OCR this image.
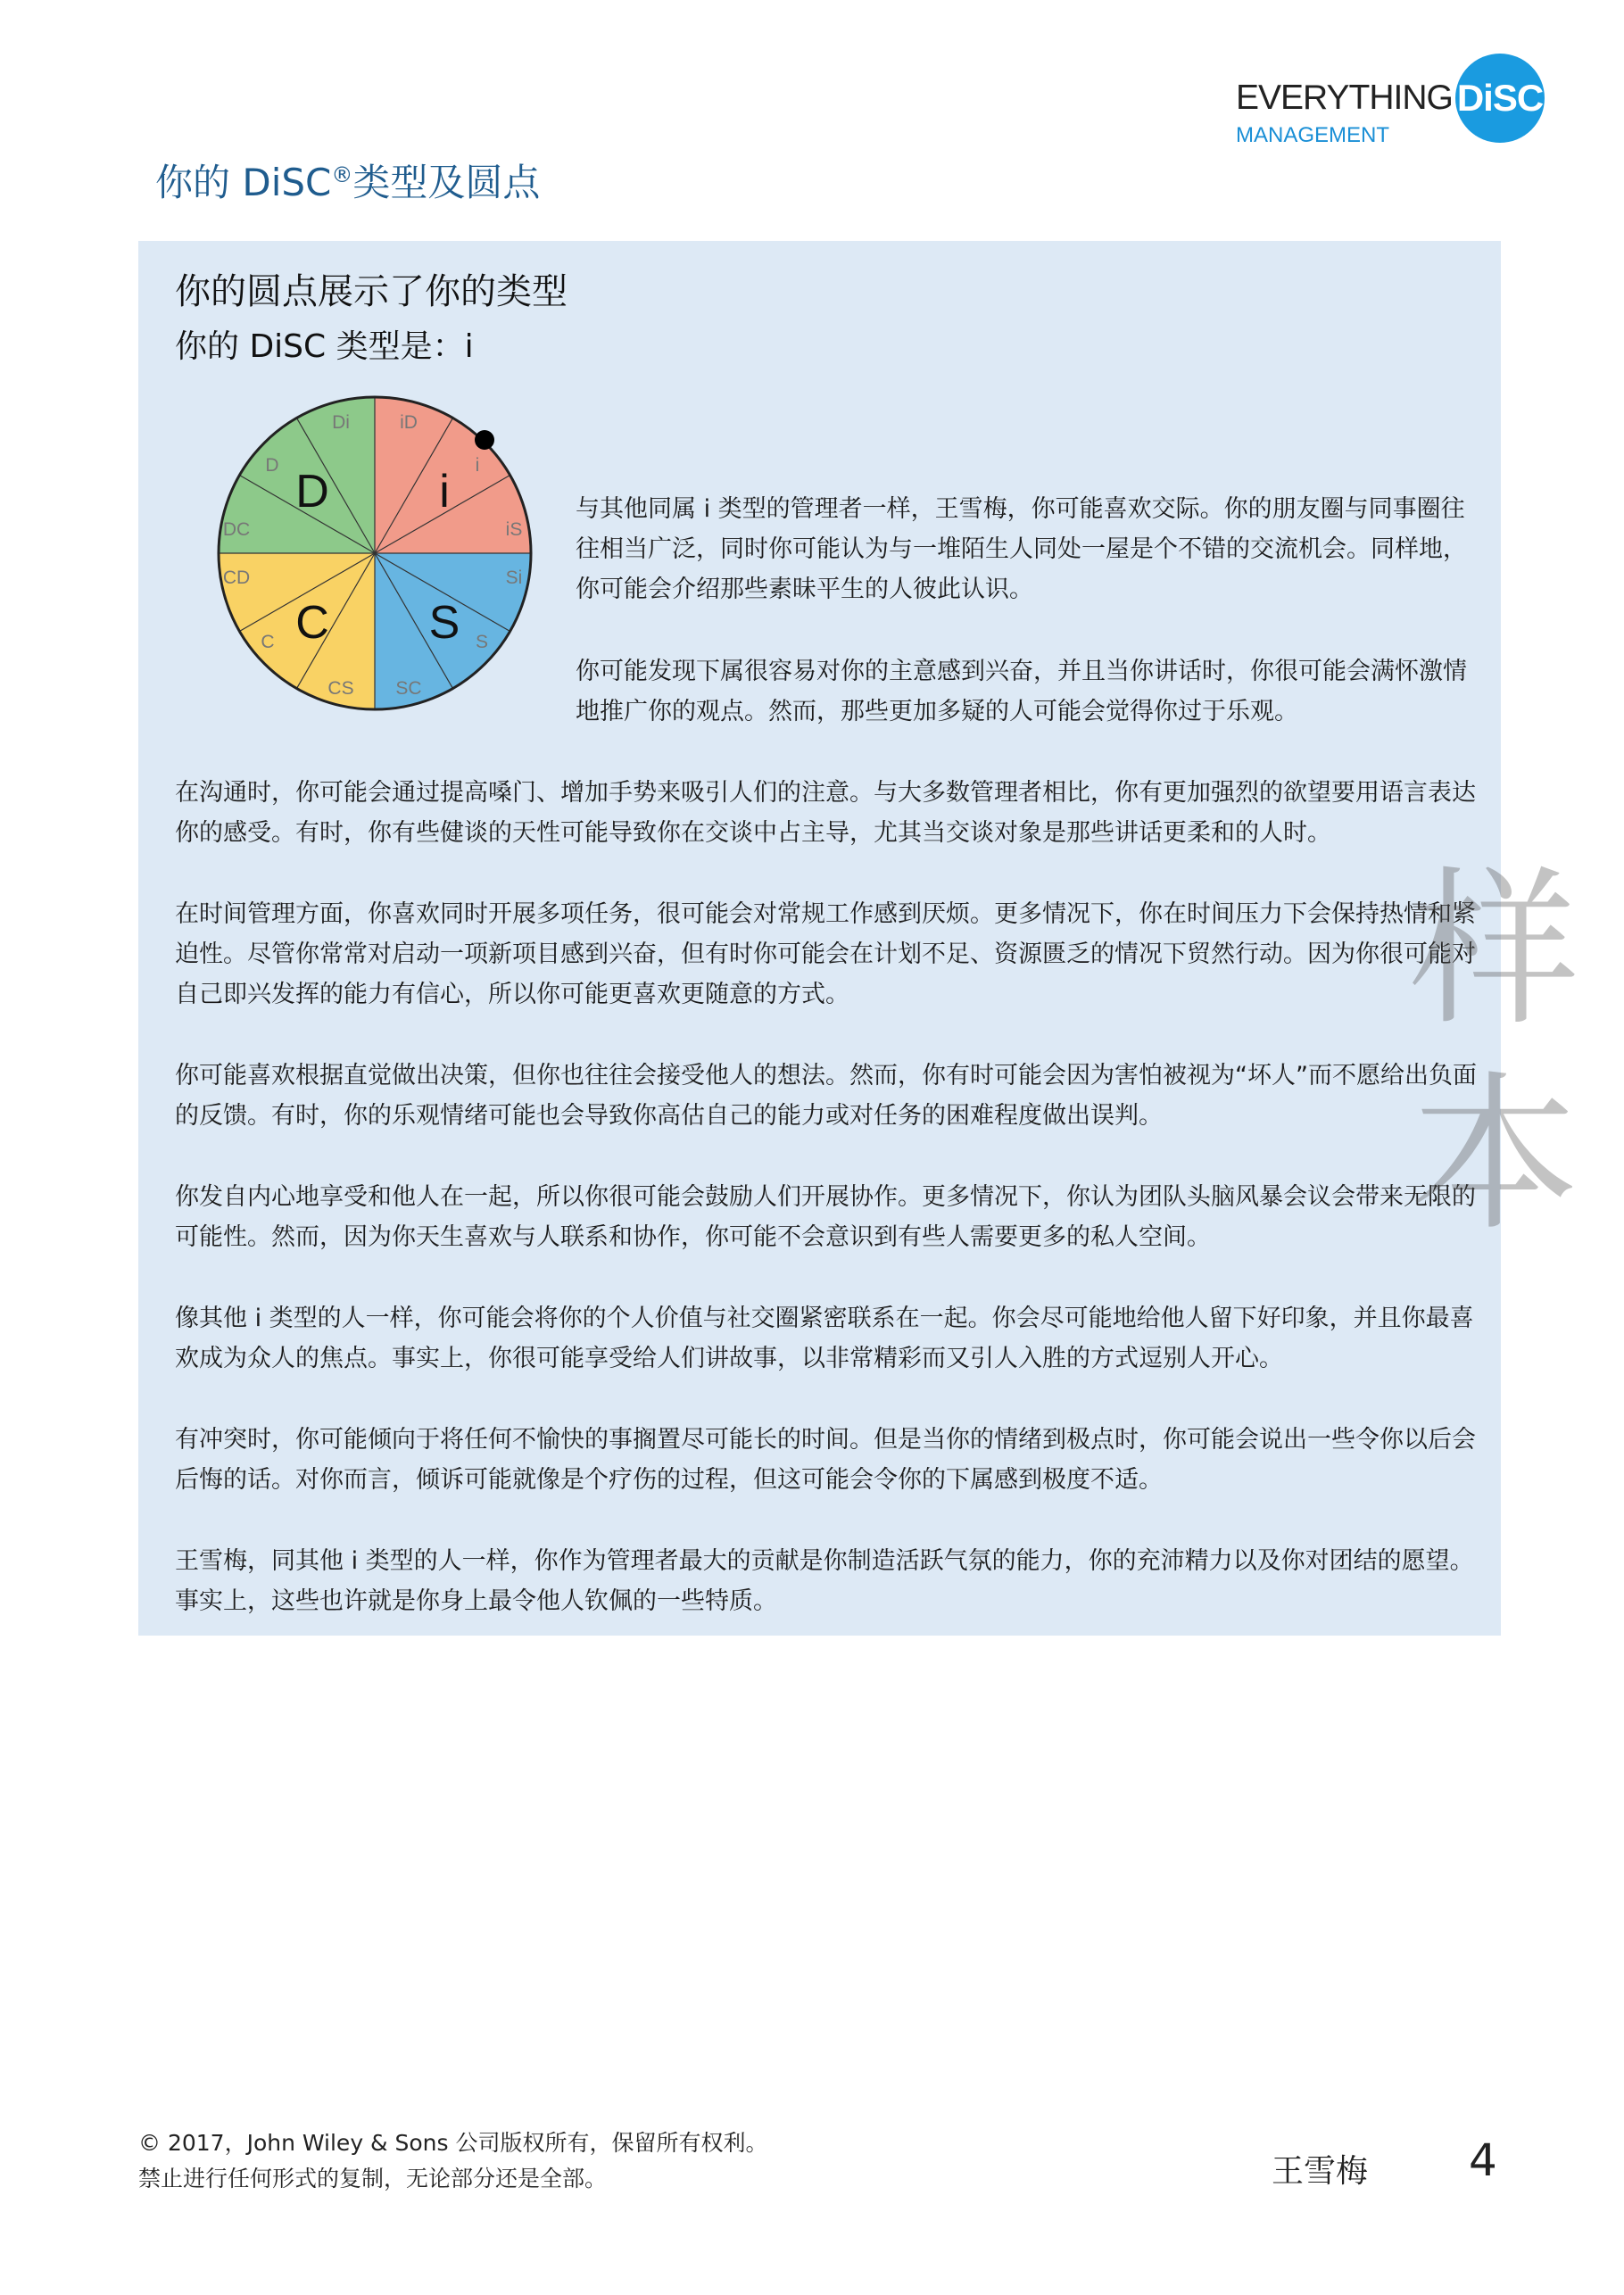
EVERYTHING DiSC
MANAGEMENT
你的 DiSC®类型及圆点
你的圆点展示了你的类型
你的 DiSC 类型是：i
Di	iD
i
iS
Si
S
SC
CS
C
CD
DC
D
D i
S
C
与其他同属 i 类型的管理者一样，王雪梅，你可能喜欢交际。你的朋友圈与同事圈往往相当广泛，同时你可能认为与一堆陌生人同处一屋是个不错的交流机会。同样地，你可能会介绍那些素昧平生的人彼此认识。
你可能发现下属很容易对你的主意感到兴奋，并且当你讲话时，你很可能会满怀激情地推广你的观点。然而，那些更加多疑的人可能会觉得你过于乐观。
在沟通时，你可能会通过提高嗓门、增加手势来吸引人们的注意。与大多数管理者相比，你有更加强烈的欲望要用语言表达你的感受。有时，你有些健谈的天性可能导致你在交谈中占主导，尤其当交谈对象是那些讲话更柔和的人时。
在时间管理方面，你喜欢同时开展多项任务，很可能会对常规工作感到厌烦。更多情况下，你在时间压力下会保持热情和紧迫性。尽管你常常对启动一项新项目感到兴奋，但有时你可能会在计划不足、资源匮乏的情况下贸然行动。因为你很可能对自己即兴发挥的能力有信心，所以你可能更喜欢更随意的方式。
你可能喜欢根据直觉做出决策，但你也往往会接受他人的想法。然而，你有时可能会因为害怕被视为“坏人”而不愿给出负面的反馈。有时，你的乐观情绪可能也会导致你高估自己的能力或对任务的困难程度做出误判。
你发自内心地享受和他人在一起，所以你很可能会鼓励人们开展协作。更多情况下，你认为团队头脑风暴会议会带来无限的可能性。然而，因为你天生喜欢与人联系和协作，你可能不会意识到有些人需要更多的私人空间。
像其他 i 类型的人一样，你可能会将你的个人价值与社交圈紧密联系在一起。你会尽可能地给他人留下好印象，并且你最喜欢成为众人的焦点。事实上，你很可能享受给人们讲故事，以非常精彩而又引人入胜的方式逗别人开心。
有冲突时，你可能倾向于将任何不愉快的事搁置尽可能长的时间。但是当你的情绪到极点时，你可能会说出一些令你以后会后悔的话。对你而言，倾诉可能就像是个疗伤的过程，但这可能会令你的下属感到极度不适。
王雪梅，同其他 i 类型的人一样，你作为管理者最大的贡献是你制造活跃气氛的能力，你的充沛精力以及你对团结的愿望。事实上，这些也许就是你身上最令他人钦佩的一些特质。
样
本
© 2017，John Wiley & Sons 公司版权所有，保留所有权利。
禁止进行任何形式的复制，无论部分还是全部。	王雪梅 4
